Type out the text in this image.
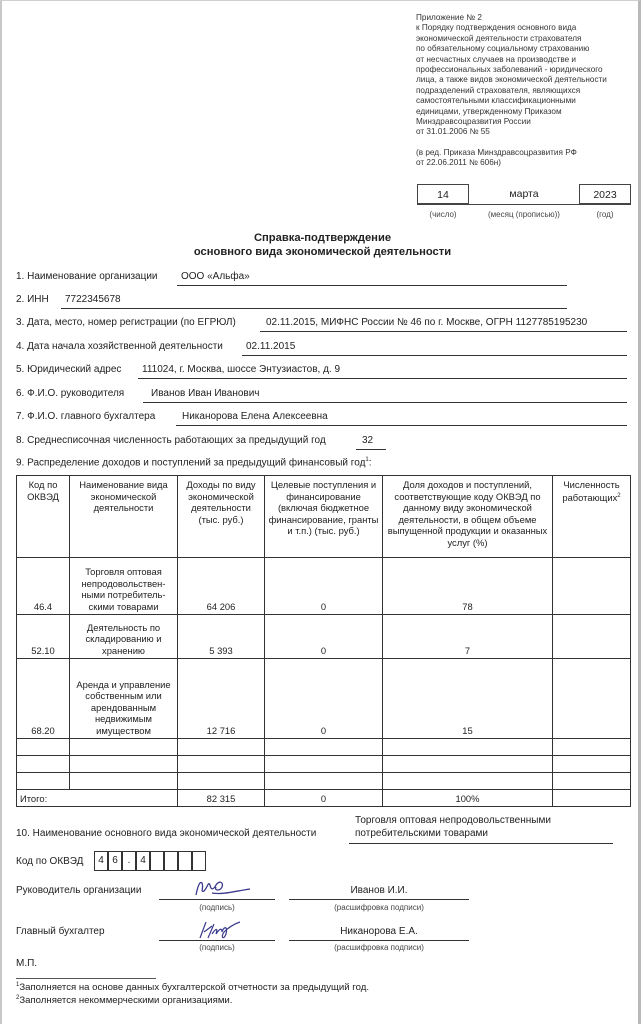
Приложение № 2
к Порядку подтверждения основного вида
экономической деятельности страхователя
по обязательному социальному страхованию
от несчастных случаев на производстве и
профессиональных заболеваний - юридического
лица, а также видов экономической деятельности
подразделений страхователя, являющихся
самостоятельными классификационными
единицами, утвержденному Приказом
Минздравсоцразвития России
от 31.01.2006 № 55
(в ред. Приказа Минздравсоцразвития РФ
от 22.06.2011 № 606н)
14	марта	2023
(число)	(месяц (прописью))	(год)
Справка-подтверждение
основного вида экономической деятельности
1. Наименование организации	ООО «Альфа»
2. ИНН	7722345678
3. Дата, место, номер регистрации (по ЕГРЮЛ)	02.11.2015, МИФНС России № 46 по г. Москве, ОГРН 1127785195230
4. Дата начала хозяйственной деятельности	02.11.2015
5. Юридический адрес	111024, г. Москва, шоссе Энтузиастов, д. 9
6. Ф.И.О. руководителя	Иванов Иван Иванович
7. Ф.И.О. главного бухгалтера	Никанорова Елена Алексеевна
8. Среднесписочная численность работающих за предыдущий год	32
9. Распределение доходов и поступлений за предыдущий финансовый год$^1$:
Код по ОКВЭД	Наименование вида экономической деятельности	Доходы по виду экономической деятельности (тыс. руб.)	Целевые поступления и финансирование (включая бюджетное финансирование, гранты и т.п.) (тыс. руб.)	Доля доходов и поступлений, соответствующие коду ОКВЭД по данному виду экономической деятельности, в общем объеме выпущенной продукции и оказанных услуг (%)	Численность работающих$^2$
46.4	Торговля оптовая непродовольствен-ными потребитель-скими товарами	64 206	0	78	
52.10	Деятельность по складированию и хранению	5 393	0	7	
68.20	Аренда и управление собственным или арендованным недвижимым имуществом	12 716	0	15	

Итого:		82 315	0	100%	
10. Наименование основного вида экономической деятельности
Торговля оптовая непродовольственными
потребительскими товарами
Код по ОКВЭД	4 6 . 4
Руководитель организации
(подпись)
Иванов И.И.
(расшифровка подписи)
Главный бухгалтер
(подпись)
Никанорова Е.А.
(расшифровка подписи)
М.П.
$^1$Заполняется на основе данных бухгалтерской отчетности за предыдущий год.
$^2$Заполняется некоммерческими организациями.
